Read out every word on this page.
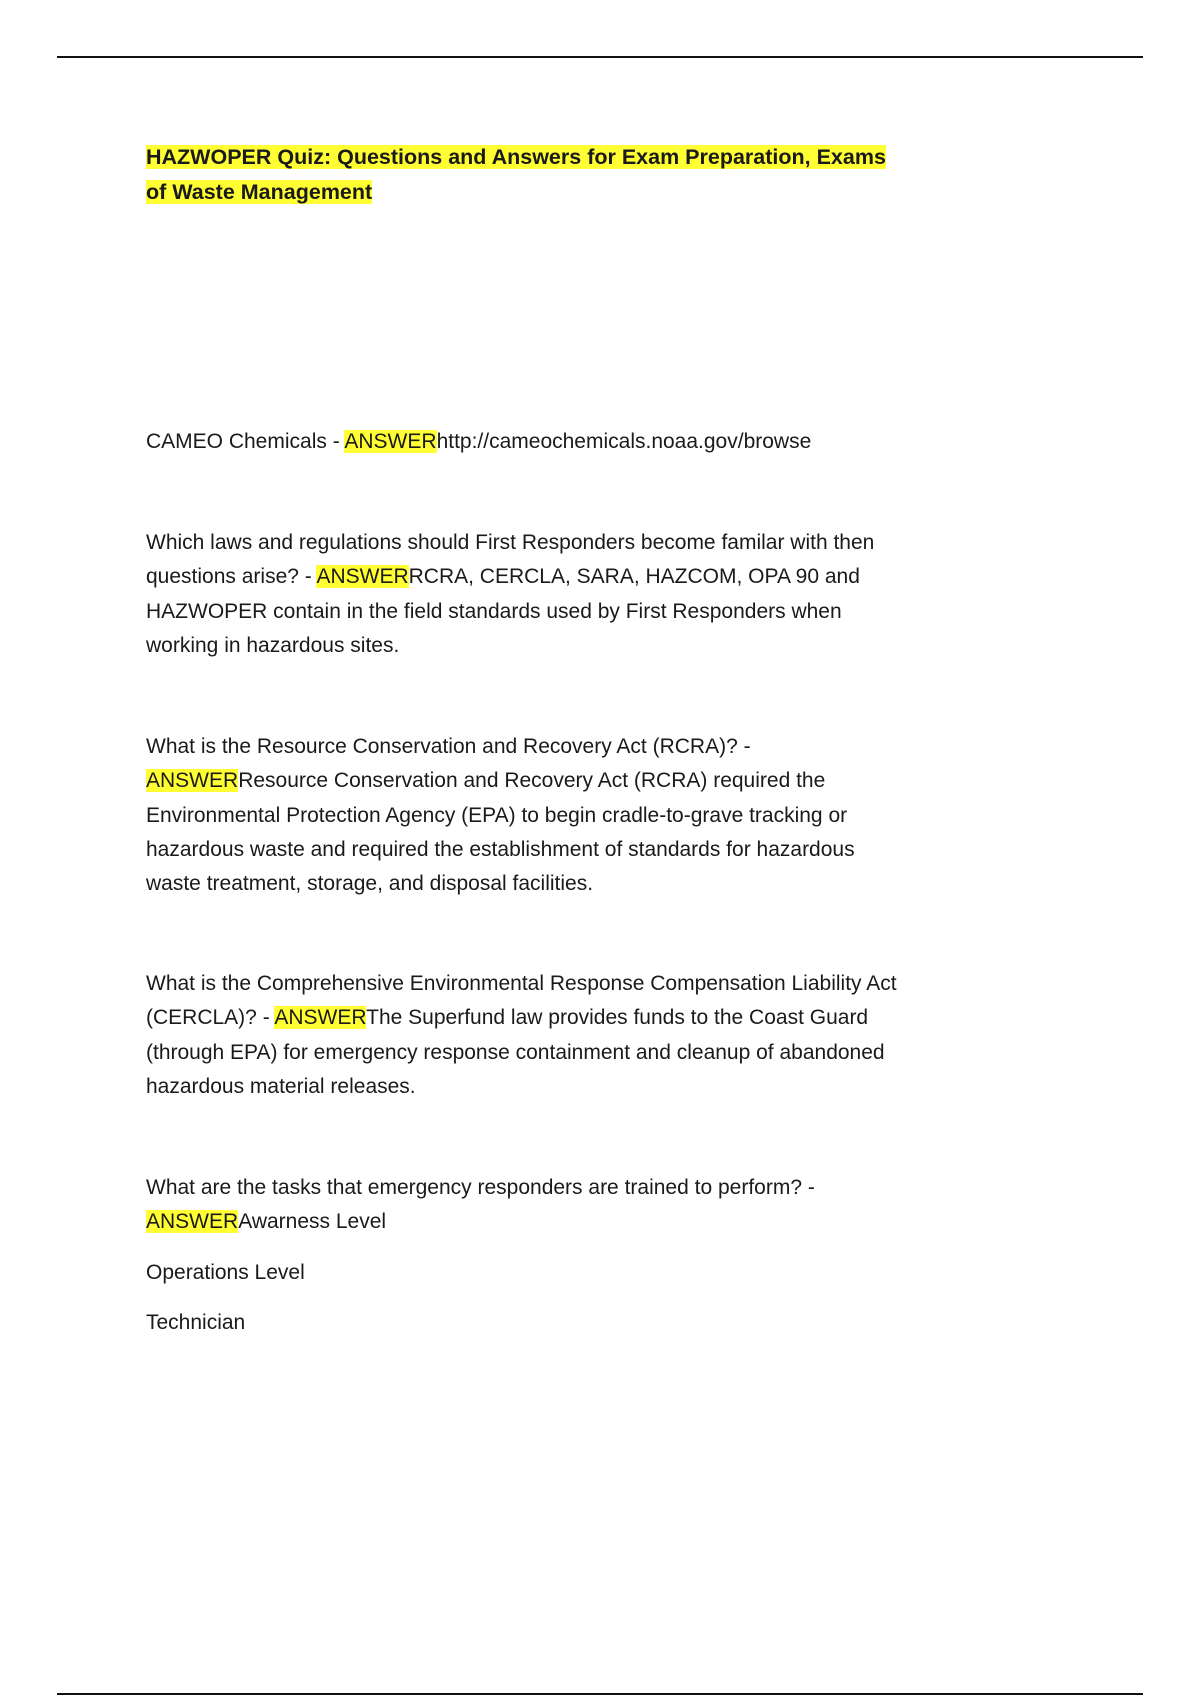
HAZWOPER Quiz: Questions and Answers for Exam Preparation, Exams of Waste Management

CAMEO Chemicals - ANSWERhttp://cameochemicals.noaa.gov/browse

Which laws and regulations should First Responders become familar with then questions arise? - ANSWERRCRA, CERCLA, SARA, HAZCOM, OPA 90 and HAZWOPER contain in the field standards used by First Responders when working in hazardous sites.

What is the Resource Conservation and Recovery Act (RCRA)? - ANSWERResource Conservation and Recovery Act (RCRA) required the Environmental Protection Agency (EPA) to begin cradle-to-grave tracking or hazardous waste and required the establishment of standards for hazardous waste treatment, storage, and disposal facilities.

What is the Comprehensive Environmental Response Compensation Liability Act (CERCLA)? - ANSWERThe Superfund law provides funds to the Coast Guard (through EPA) for emergency response containment and cleanup of abandoned hazardous material releases.

What are the tasks that emergency responders are trained to perform? - ANSWERAwarness Level

Operations Level

Technician
